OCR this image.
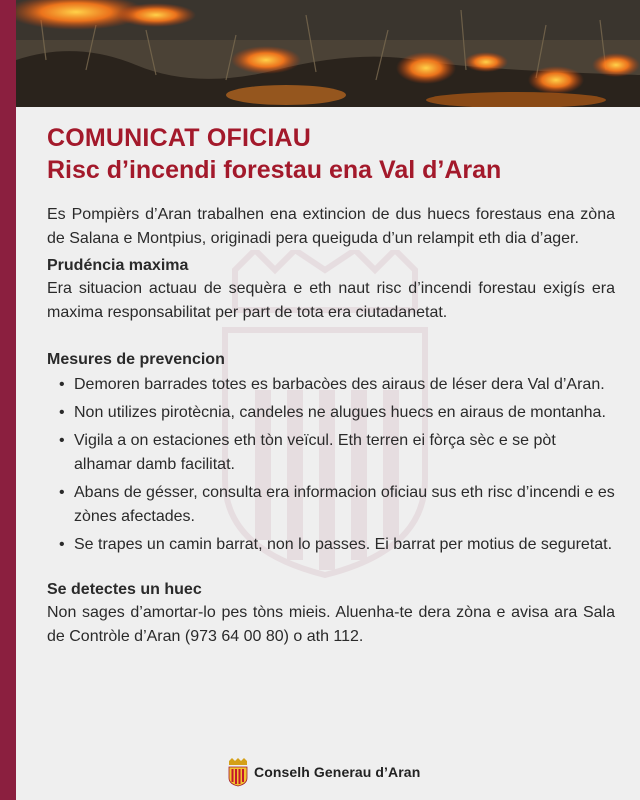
COMUNICAT OFICIAU
Risc d’incendi forestau ena Val d’Aran

Es Pompièrs d’Aran trabalhen ena extincion de dus huecs forestaus ena zòna de Salana e Montpius, originadi pera queiguda d’un relampit eth dia d’ager.

Prudéncia maxima

Era situacion actuau de sequèra e eth naut risc d’incendi forestau exigís era maxima responsabilitat per part de tota era ciutadanetat.

Mesures de prevencion
• Demoren barrades totes es barbacòes des airaus de léser dera Val d’Aran.
• Non utilizes pirotècnia, candeles ne alugues huecs en airaus de montanha.
• Vigila a on estaciones eth tòn veïcul. Eth terren ei fòrça sèc e se pòt alhamar damb facilitat.
• Abans de gésser, consulta era informacion oficiau sus eth risc d’incendi e es zònes afectades.
• Se trapes un camin barrat, non lo passes. Ei barrat per motius de seguretat.
Se detectes un huec

Non sages d’amortar-lo pes tòns mieis. Aluenha-te dera zòna e avisa ara Sala de Contròle d’Aran (973 64 00 80) o ath 112.

Conselh Generau d’Aran
